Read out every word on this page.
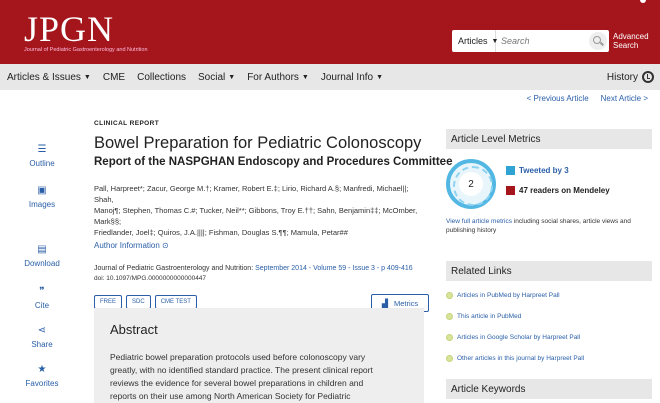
JPGN
Journal of Pediatric Gastroenterology and Nutrition
Articles ▼
Search	Advanced Search
Articles & Issues ▼ CME Collections Social ▼ For Authors ▼ Journal Info ▼	History
< Previous Article Next Article >
☰
Outline
▣
Images
▤
Download
❞
Cite
⋖
Share
★
Favorites
CLINICAL REPORT
Bowel Preparation for Pediatric Colonoscopy
Report of the NASPGHAN Endoscopy and Procedures Committee
Pall, Harpreet*; Zacur, George M.†; Kramer, Robert E.‡; Lirio, Richard A.§; Manfredi, Michael||; Shah,
Manoj¶; Stephen, Thomas C.#; Tucker, Neil**; Gibbons, Troy E.††; Sahn, Benjamin‡‡; McOmber, Mark§§;
Friedlander, Joel‡; Quiros, J.A.||||; Fishman, Douglas S.¶¶; Mamula, Petar##
Author Information ⊙
Journal of Pediatric Gastroenterology and Nutrition: September 2014 - Volume 59 - Issue 3 - p 409-416
doi: 10.1097/MPG.0000000000000447
FREE	SDC	CME TEST	▟ Metrics
Abstract

Pediatric bowel preparation protocols used before colonoscopy vary
greatly, with no identified standard practice. The present clinical report
reviews the evidence for several bowel preparations in children and
reports on their use among North American Society for Pediatric

Article Level Metrics
2
Tweeted by 3
47 readers on Mendeley
View full article metrics including social shares, article views and
publishing history
Related Links
Articles in PubMed by Harpreet Pall
This article in PubMed
Articles in Google Scholar by Harpreet Pall
Other articles in this journal by Harpreet Pall
Article Keywords
